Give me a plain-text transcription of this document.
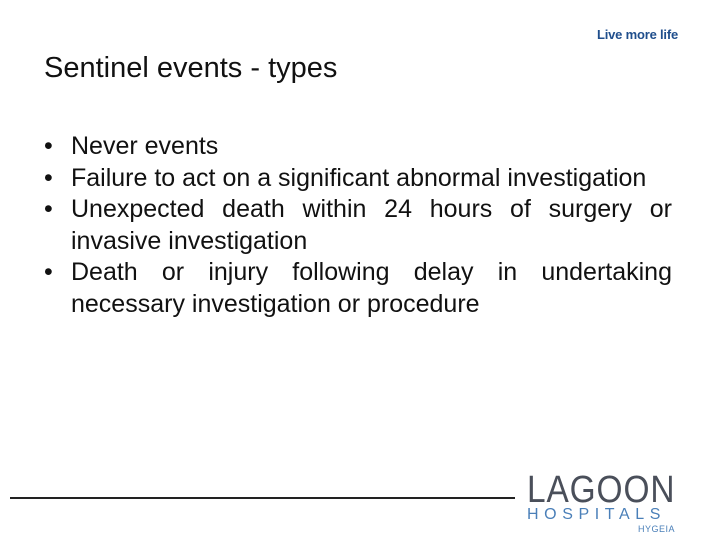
Live more life
Sentinel events - types
• Never events
• Failure to act on a significant abnormal investigation
• Unexpected death within 24 hours of surgery or invasive investigation
• Death or injury following delay in undertaking necessary investigation or procedure
LAGOON
HOSPITALS
HYGEIA
